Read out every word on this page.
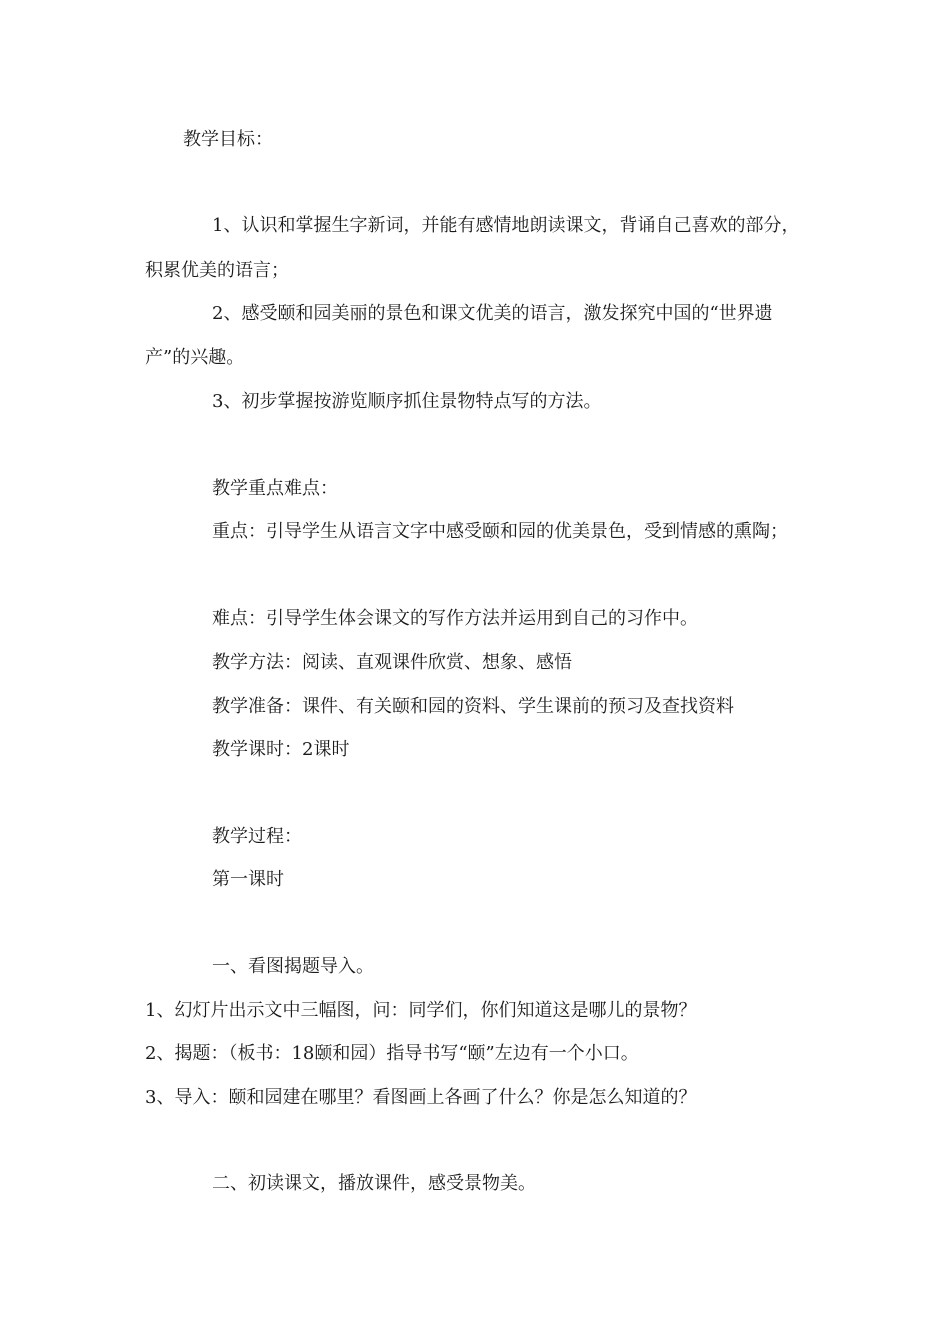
教学目标：
1、认识和掌握生字新词，并能有感情地朗读课文，背诵自己喜欢的部分，
积累优美的语言；
2、感受颐和园美丽的景色和课文优美的语言，激发探究中国的“世界遗
产”的兴趣。
3、初步掌握按游览顺序抓住景物特点写的方法。
教学重点难点：
重点：引导学生从语言文字中感受颐和园的优美景色，受到情感的熏陶；
难点：引导学生体会课文的写作方法并运用到自己的习作中。
教学方法：阅读、直观课件欣赏、想象、感悟
教学准备：课件、有关颐和园的资料、学生课前的预习及查找资料
教学课时：2课时
教学过程：
第一课时
一、看图揭题导入。
1、幻灯片出示文中三幅图，问：同学们，你们知道这是哪儿的景物？
2、揭题：（板书：18颐和园）指导书写“颐”左边有一个小口。
3、导入：颐和园建在哪里？看图画上各画了什么？你是怎么知道的？
二、初读课文，播放课件，感受景物美。
